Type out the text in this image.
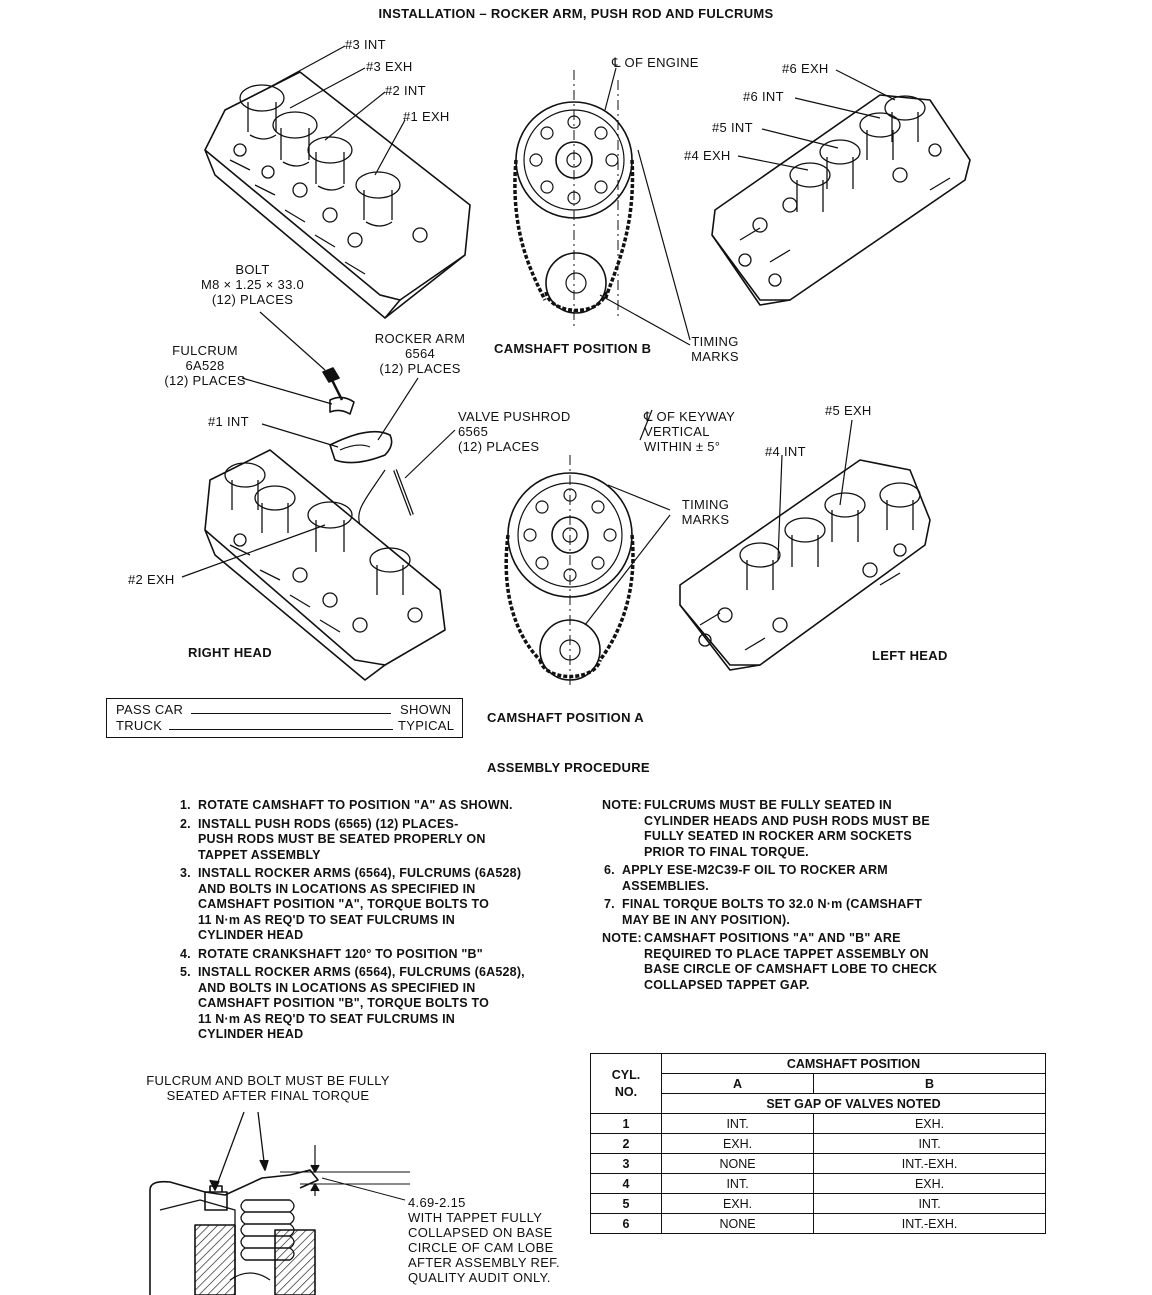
INSTALLATION – ROCKER ARM, PUSH ROD AND FULCRUMS
#3 INT
#3 EXH
#2 INT
#1 EXH
℄ OF ENGINE	#6 EXH
#6 INT
#5 INT
#4 EXH
BOLT
M8 × 1.25 × 33.0
(12) PLACES
FULCRUM
6A528
(12) PLACES
ROCKER ARM
6564
(12) PLACES
CAMSHAFT POSITION B	TIMING
MARKS
#1 INT	VALVE PUSHROD
6565
(12) PLACES
℄ OF KEYWAY
VERTICAL
WITHIN ± 5°
#5 EXH
#4 INT
TIMING
MARKS
#2 EXH
RIGHT HEAD	LEFT HEAD
PASS CAR	SHOWN
TRUCK	TYPICAL
CAMSHAFT POSITION A
ASSEMBLY PROCEDURE
1. ROTATE CAMSHAFT TO POSITION "A" AS SHOWN.
2. INSTALL PUSH RODS (6565) (12) PLACES-
PUSH RODS MUST BE SEATED PROPERLY ON
TAPPET ASSEMBLY
3. INSTALL ROCKER ARMS (6564), FULCRUMS (6A528)
AND BOLTS IN LOCATIONS AS SPECIFIED IN
CAMSHAFT POSITION "A", TORQUE BOLTS TO
11 N·m AS REQ'D TO SEAT FULCRUMS IN
CYLINDER HEAD
4. ROTATE CRANKSHAFT 120° TO POSITION "B"
5. INSTALL ROCKER ARMS (6564), FULCRUMS (6A528),
AND BOLTS IN LOCATIONS AS SPECIFIED IN
CAMSHAFT POSITION "B", TORQUE BOLTS TO
11 N·m AS REQ'D TO SEAT FULCRUMS IN
CYLINDER HEAD
NOTE: FULCRUMS MUST BE FULLY SEATED IN
CYLINDER HEADS AND PUSH RODS MUST BE
FULLY SEATED IN ROCKER ARM SOCKETS
PRIOR TO FINAL TORQUE.
6. APPLY ESE-M2C39-F OIL TO ROCKER ARM
ASSEMBLIES.
7. FINAL TORQUE BOLTS TO 32.0 N·m (CAMSHAFT
MAY BE IN ANY POSITION).
NOTE: CAMSHAFT POSITIONS "A" AND "B" ARE
REQUIRED TO PLACE TAPPET ASSEMBLY ON
BASE CIRCLE OF CAMSHAFT LOBE TO CHECK
COLLAPSED TAPPET GAP.
FULCRUM AND BOLT MUST BE FULLY
SEATED AFTER FINAL TORQUE
4.69-2.15
WITH TAPPET FULLY
COLLAPSED ON BASE
CIRCLE OF CAM LOBE
AFTER ASSEMBLY REF.
QUALITY AUDIT ONLY.
CYL.
NO.	CAMSHAFT POSITION	
	A	B
	SET GAP OF VALVES NOTED	
1	INT.	EXH.
2	EXH.	INT.
3	NONE	INT.-EXH.
4	INT.	EXH.
5	EXH.	INT.
6	NONE	INT.-EXH.
